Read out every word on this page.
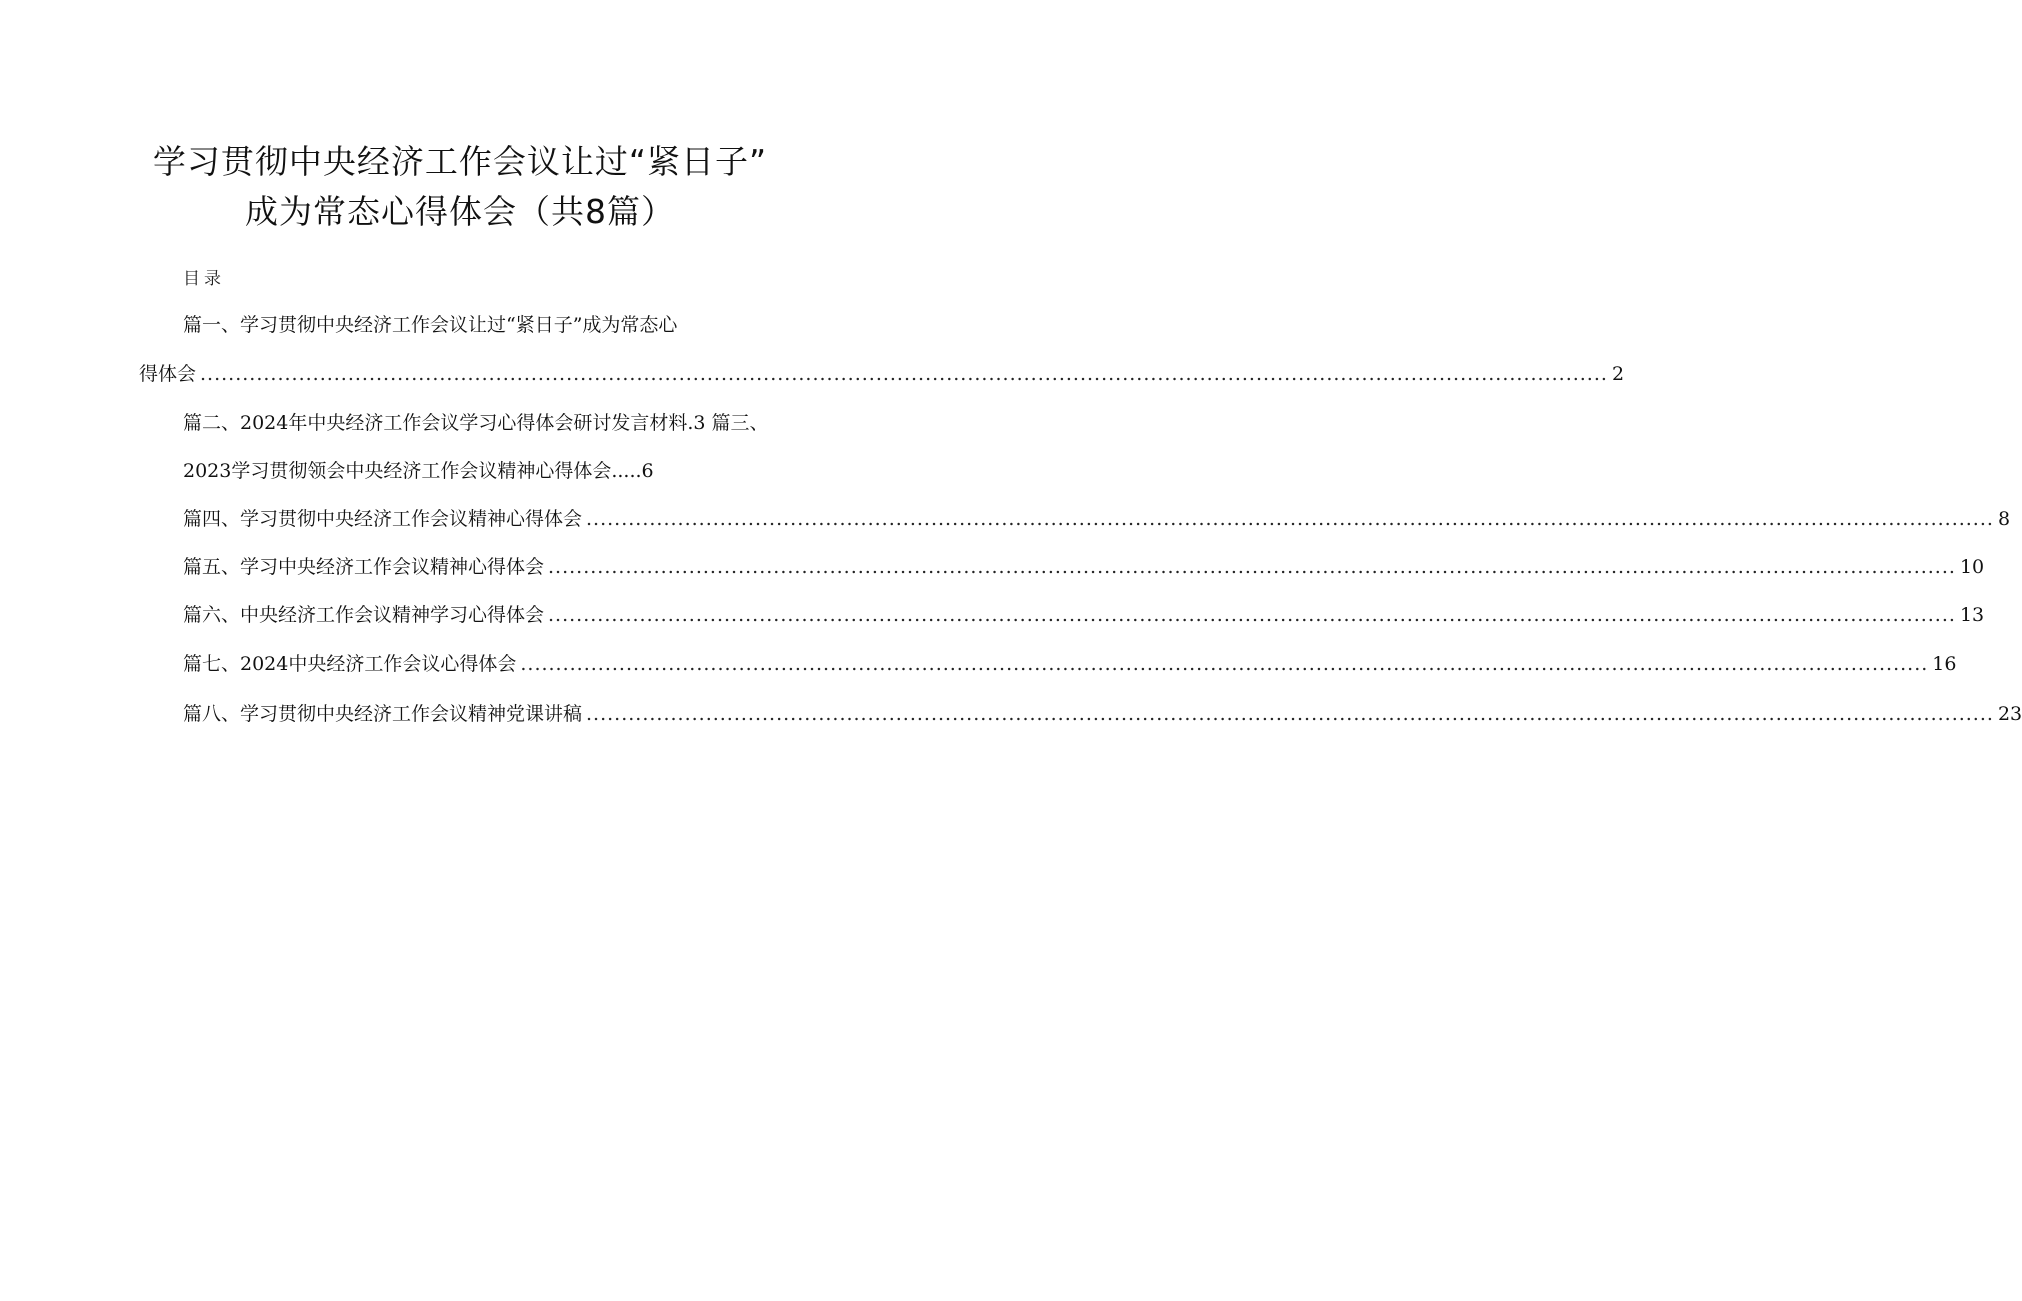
学习贯彻中央经济工作会议让过“紧日子”
成为常态心得体会（共8篇）
目录
篇一、学习贯彻中央经济工作会议让过“紧日子”成为常态心
得体会 ........................................................................................................................................................................................................ 2
篇二、2024年中央经济工作会议学习心得体会研讨发言材料.3 篇三、
2023学习贯彻领会中央经济工作会议精神心得体会.....6
篇四、学习贯彻中央经济工作会议精神心得体会 ........................................................................................................................................................................................................ 8
篇五、学习中央经济工作会议精神心得体会 ........................................................................................................................................................................................................ 10
篇六、中央经济工作会议精神学习心得体会 ........................................................................................................................................................................................................ 13
篇七、2024中央经济工作会议心得体会 ........................................................................................................................................................................................................ 16
篇八、学习贯彻中央经济工作会议精神党课讲稿 ........................................................................................................................................................................................................ 23
